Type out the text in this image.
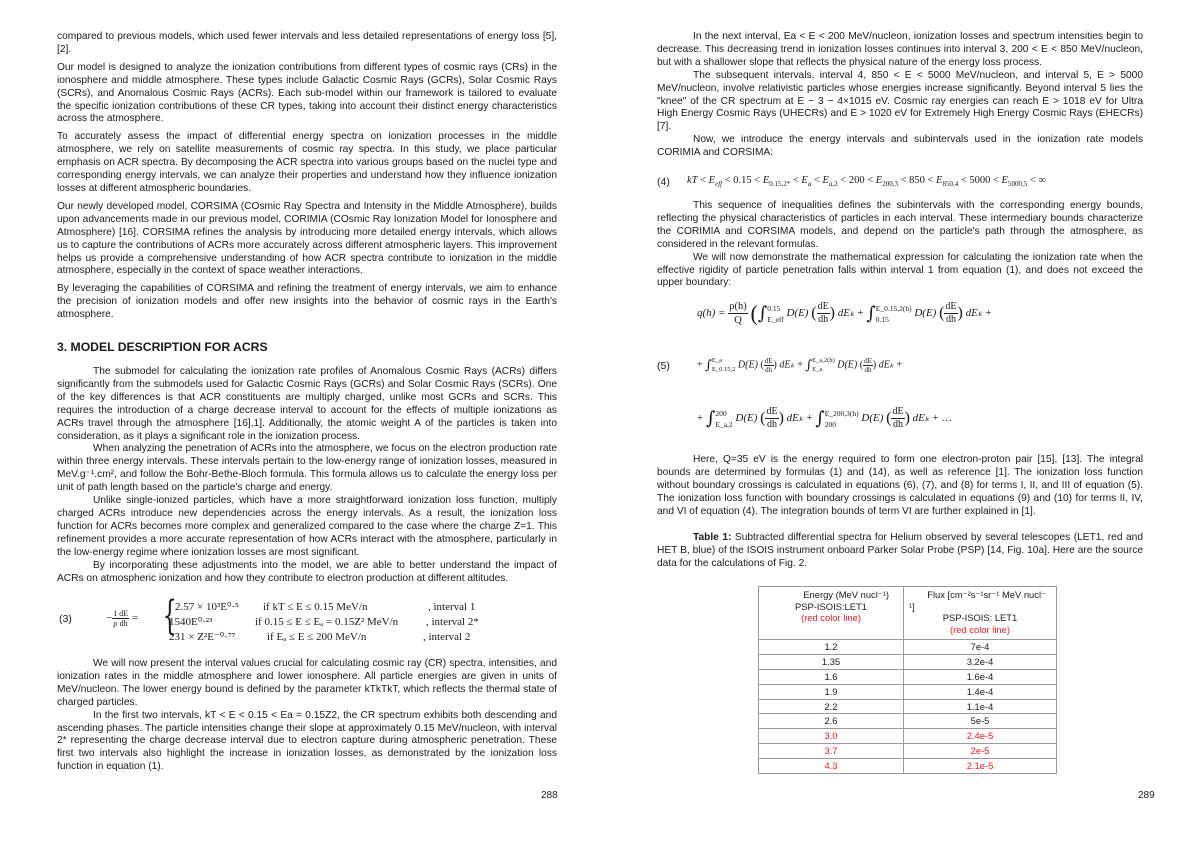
compared to previous models, which used fewer intervals and less detailed representations of energy loss [5], [2].

Our model is designed to analyze the ionization contributions from different types of cosmic rays (CRs) in the ionosphere and middle atmosphere. These types include Galactic Cosmic Rays (GCRs), Solar Cosmic Rays (SCRs), and Anomalous Cosmic Rays (ACRs). Each sub-model within our framework is tailored to evaluate the specific ionization contributions of these CR types, taking into account their distinct energy characteristics across the atmosphere.

To accurately assess the impact of differential energy spectra on ionization processes in the middle atmosphere, we rely on satellite measurements of cosmic ray spectra. In this study, we place particular emphasis on ACR spectra. By decomposing the ACR spectra into various groups based on the nuclei type and corresponding energy intervals, we can analyze their properties and understand how they influence ionization losses at different atmospheric boundaries.

Our newly developed model, CORSIMA (COsmic Ray Spectra and Intensity in the Middle Atmosphere), builds upon advancements made in our previous model, CORIMIA (COsmic Ray Ionization Model for Ionosphere and Atmosphere) [16]. CORSIMA refines the analysis by introducing more detailed energy intervals, which allows us to capture the contributions of ACRs more accurately across different atmospheric layers. This improvement helps us provide a comprehensive understanding of how ACR spectra contribute to ionization in the middle atmosphere, especially in the context of space weather interactions.

By leveraging the capabilities of CORSIMA and refining the treatment of energy intervals, we aim to enhance the precision of ionization models and offer new insights into the behavior of cosmic rays in the Earth's atmosphere.

3. MODEL DESCRIPTION FOR ACRS

The submodel for calculating the ionization rate profiles of Anomalous Cosmic Rays (ACRs) differs significantly from the submodels used for Galactic Cosmic Rays (GCRs) and Solar Cosmic Rays (SCRs). One of the key differences is that ACR constituents are multiply charged, unlike most GCRs and SCRs. This requires the introduction of a charge decrease interval to account for the effects of multiple ionizations as ACRs travel through the atmosphere [16],1]. Additionally, the atomic weight A of the particles is taken into consideration, as it plays a significant role in the ionization process.

When analyzing the penetration of ACRs into the atmosphere, we focus on the electron production rate within three energy intervals. These intervals pertain to the low-energy range of ionization losses, measured in MeV.g⁻¹.cm², and follow the Bohr-Bethe-Bloch formula. This formula allows us to calculate the energy loss per unit of path length based on the particle's charge and energy.

Unlike single-ionized particles, which have a more straightforward ionization loss function, multiply charged ACRs introduce new dependencies across the energy intervals. As a result, the ionization loss function for ACRs becomes more complex and generalized compared to the case where the charge Z=1. This refinement provides a more accurate representation of how ACRs interact with the atmosphere, particularly in the low-energy regime where ionization losses are most significant.

By incorporating these adjustments into the model, we are able to better understand the impact of ACRs on atmospheric ionization and how they contribute to electron production at different altitudes.

(3)	− $\frac{1}{\rho} \frac{dE}{dh}$ = {
2.57 × 10³E⁰·⁵ if kT ≤ E ≤ 0.15 MeV/n	, interval 1
1540E⁰·²³	if 0.15 ≤ E ≤ Eₐ = 0.15Z² MeV/n	, interval 2*
231 × Z²E⁻⁰·⁷⁷	if Eₐ ≤ E ≤ 200 MeV/n	, interval 2

We will now present the interval values crucial for calculating cosmic ray (CR) spectra, intensities, and ionization rates in the middle atmosphere and lower ionosphere. All particle energies are given in units of MeV/nucleon. The lower energy bound is defined by the parameter kTkTkT, which reflects the thermal state of charged particles.

In the first two intervals, kT < E < 0.15 < Ea = 0.15Z2, the CR spectrum exhibits both descending and ascending phases. The particle intensities change their slope at approximately 0.15 MeV/nucleon, with interval 2* representing the charge decrease interval due to electron capture during atmospheric penetration. These first two intervals also highlight the increase in ionization losses, as demonstrated by the ionization loss function in equation (1).

288

In the next interval, Ea < E < 200 MeV/nucleon, ionization losses and spectrum intensities begin to decrease. This decreasing trend in ionization losses continues into interval 3, 200 < E < 850 MeV/nucleon, but with a shallower slope that reflects the physical nature of the energy loss process.

The subsequent intervals, interval 4, 850 < E < 5000 MeV/nucleon, and interval 5, E > 5000 MeV/nucleon, involve relativistic particles whose energies increase significantly. Beyond interval 5 lies the "knee" of the CR spectrum at E ~ 3 − 4×1015 eV. Cosmic ray energies can reach E > 1018 eV for Ultra High Energy Cosmic Rays (UHECRs) and E > 1020 eV for Extremely High Energy Cosmic Rays (EHECRs) [7].

Now, we introduce the energy intervals and subintervals used in the ionization rate models CORIMIA and CORSIMA:

(4) kT < $E_{eff} < 0.15 < E_{0.15,2*} < E_a < E_{a,2} < 200 < E_{200,3} < 850 < E_{850,4} < 5000 < E_{5000,5}$ < ∞

This sequence of inequalities defines the subintervals with the corresponding energy bounds, reflecting the physical characteristics of particles in each interval. These intermediary bounds characterize the CORIMIA and CORSIMA models, and depend on the particle's path through the atmosphere, as considered in the relevant formulas.

We will now demonstrate the mathematical expression for calculating the ionization rate when the effective rigidity of particle penetration falls within interval 1 from equation (1), and does not exceed the upper boundary:

(5)
$q(h) = \frac{\rho(h)}{Q}$ (∫ 0.15
E_eff D(E) ( $\frac{dE}{dh}$ ) dEₖ + ∫ E_0.15,2(h)
0.15	D(E) ( $\frac{dE}{dh}$ ) dEₖ +
+ ∫ E_a
E_0.15,2 D(E) ( $\frac{dE}{dh}$ ) dEₖ + ∫ E_a,2(h)
E_a	D(E) ( $\frac{dE}{dh}$ ) dEₖ +
+ ∫ 200
E_a,2 D(E) ( $\frac{dE}{dh}$ ) dEₖ + ∫ E_200,3(h)
200	D(E) ( $\frac{dE}{dh}$ ) dEₖ + …

Here, Q=35 eV is the energy required to form one electron-proton pair [15], [13]. The integral bounds are determined by formulas (1) and (14), as well as reference [1]. The ionization loss function without boundary crossings is calculated in equations (6), (7), and (8) for terms I, II, and III of equation (5). The ionization loss function with boundary crossings is calculated in equations (9) and (10) for terms II, IV, and VI of equation (4). The integration bounds of term VI are further explained in [1].

Table 1: Subtracted differential spectra for Helium observed by several telescopes (LET1, red and HET B, blue) of the ISOIS instrument onboard Parker Solar Probe (PSP) [14, Fig. 10a]. Here are the source data for the calculations of Fig. 2.

Energy (MeV nucl⁻¹)
PSP-ISOIS:LET1
(red color line)

Flux [cm⁻²s⁻¹sr⁻¹ MeV nucl⁻
¹]
PSP-ISOIS: LET1
(red color line)

1.2	7e-4
1.35	3.2e-4
1.6	1.6e-4
1.9	1.4e-4
2.2	1.1e-4
2.6	5e-5
3.0	2.4e-5
3.7	2e-5
4.3	2.1e-5
289
